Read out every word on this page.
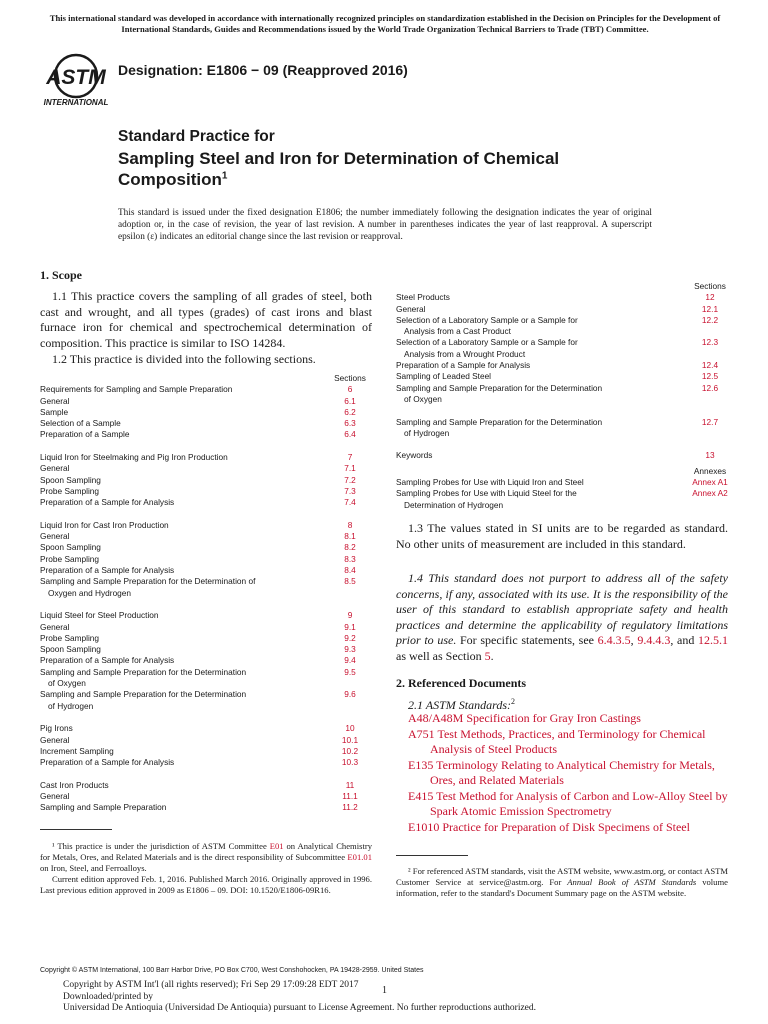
This international standard was developed in accordance with internationally recognized principles on standardization established in the Decision on Principles for the Development of International Standards, Guides and Recommendations issued by the World Trade Organization Technical Barriers to Trade (TBT) Committee.
ASTM
INTERNATIONAL
Designation: E1806 − 09 (Reapproved 2016)
Standard Practice for
Sampling Steel and Iron for Determination of Chemical Composition$^1$
This standard is issued under the fixed designation E1806; the number immediately following the designation indicates the year of original adoption or, in the case of revision, the year of last revision. A number in parentheses indicates the year of last reapproval. A superscript epsilon (ε) indicates an editorial change since the last revision or reapproval.
1. Scope
1.1 This practice covers the sampling of all grades of steel, both cast and wrought, and all types (grades) of cast irons and blast furnace iron for chemical and spectrochemical determination of composition. This practice is similar to ISO 14284.
1.2 This practice is divided into the following sections.
Sections
Requirements for Sampling and Sample Preparation	6
General	6.1
Sample	6.2
Selection of a Sample	6.3
Preparation of a Sample	6.4
Liquid Iron for Steelmaking and Pig Iron Production	7
General	7.1
Spoon Sampling	7.2
Probe Sampling	7.3
Preparation of a Sample for Analysis	7.4
Liquid Iron for Cast Iron Production	8
General	8.1
Spoon Sampling	8.2
Probe Sampling	8.3
Preparation of a Sample for Analysis	8.4
Sampling and Sample Preparation for the Determination of
Oxygen and Hydrogen
8.5
Liquid Steel for Steel Production	9
General	9.1
Probe Sampling	9.2
Spoon Sampling	9.3
Preparation of a Sample for Analysis	9.4
Sampling and Sample Preparation for the Determination
of Oxygen
9.5
Sampling and Sample Preparation for the Determination
of Hydrogen
9.6
Pig Irons	10
General	10.1
Increment Sampling	10.2
Preparation of a Sample for Analysis	10.3
Cast Iron Products	11
General	11.1
Sampling and Sample Preparation	11.2
¹ This practice is under the jurisdiction of ASTM Committee E01 on Analytical Chemistry for Metals, Ores, and Related Materials and is the direct responsibility of Subcommittee E01.01 on Iron, Steel, and Ferroalloys.
Current edition approved Feb. 1, 2016. Published March 2016. Originally approved in 1996. Last previous edition approved in 2009 as E1806 – 09. DOI: 10.1520/E1806-09R16.
Sections
Steel Products	12
General	12.1
Selection of a Laboratory Sample or a Sample for
Analysis from a Cast Product
12.2
Selection of a Laboratory Sample or a Sample for
Analysis from a Wrought Product
12.3
Preparation of a Sample for Analysis	12.4
Sampling of Leaded Steel	12.5
Sampling and Sample Preparation for the Determination
of Oxygen
12.6
Sampling and Sample Preparation for the Determination
of Hydrogen
12.7
Keywords	13
Annexes
Sampling Probes for Use with Liquid Iron and Steel	Annex A1
Sampling Probes for Use with Liquid Steel for the
Determination of Hydrogen
Annex A2
1.3 The values stated in SI units are to be regarded as standard. No other units of measurement are included in this standard.
1.4 This standard does not purport to address all of the safety concerns, if any, associated with its use. It is the responsibility of the user of this standard to establish appropriate safety and health practices and determine the applicability of regulatory limitations prior to use. For specific statements, see 6.4.3.5, 9.4.4.3, and 12.5.1 as well as Section 5.
2. Referenced Documents
2.1 ASTM Standards:$^2$
A48/A48M Specification for Gray Iron Castings
A751 Test Methods, Practices, and Terminology for Chemical Analysis of Steel Products
E135 Terminology Relating to Analytical Chemistry for Metals, Ores, and Related Materials
E415 Test Method for Analysis of Carbon and Low-Alloy Steel by Spark Atomic Emission Spectrometry
E1010 Practice for Preparation of Disk Specimens of Steel
² For referenced ASTM standards, visit the ASTM website, www.astm.org, or contact ASTM Customer Service at service@astm.org. For Annual Book of ASTM Standards volume information, refer to the standard's Document Summary page on the ASTM website.
Copyright © ASTM International, 100 Barr Harbor Drive, PO Box C700, West Conshohocken, PA 19428-2959. United States
Copyright by ASTM Int'l (all rights reserved); Fri Sep 29 17:09:28 EDT 2017
Downloaded/printed by
Universidad De Antioquia (Universidad De Antioquia) pursuant to License Agreement. No further reproductions authorized.
1
